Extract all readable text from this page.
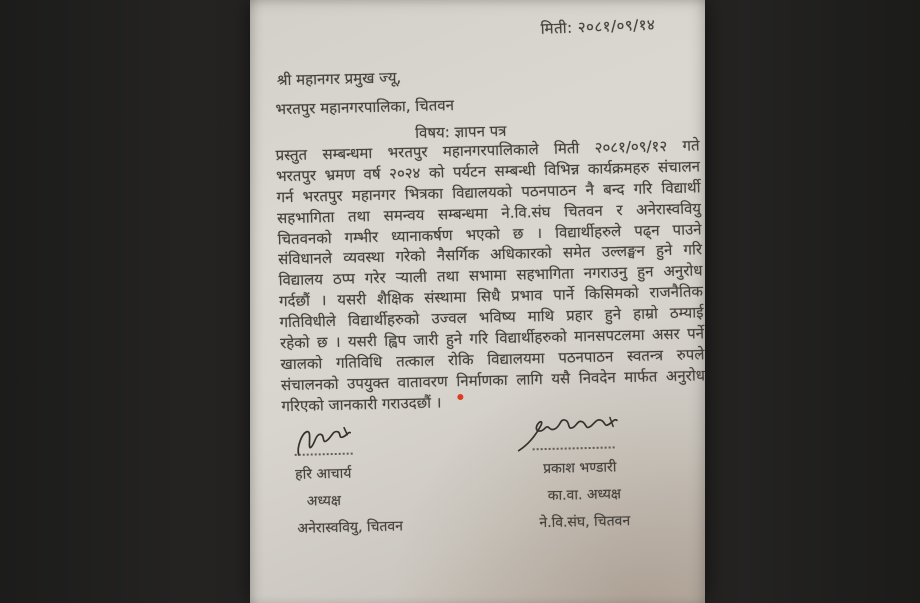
मिती: २०८१/०९/१४
श्री महानगर प्रमुख ज्यू,
भरतपुर महानगरपालिका, चितवन
विषय: ज्ञापन पत्र
प्रस्तुत सम्बन्धमा भरतपुर महानगरपालिकाले मिती २०८१/०९/१२ गते
भरतपुर भ्रमण वर्ष २०२४ को पर्यटन सम्बन्धी विभिन्न कार्यक्रमहरु संचालन
गर्न भरतपुर महानगर भित्रका विद्यालयको पठनपाठन नै बन्द गरि विद्यार्थी
सहभागिता तथा समन्वय सम्बन्धमा ने.वि.संघ चितवन र अनेरास्ववियु
चितवनको गम्भीर ध्यानाकर्षण भएको छ । विद्यार्थीहरुले पढ्न पाउने
संविधानले व्यवस्था गरेको नैसर्गिक अधिकारको समेत उल्लङ्घन हुने गरि
विद्यालय ठप्प गरेर ऱ्याली तथा सभामा सहभागिता नगराउनु हुन अनुरोध
गर्दछौं । यसरी शैक्षिक संस्थामा सिधै प्रभाव पार्ने किसिमको राजनैतिक
गतिविधीले विद्यार्थीहरुको उज्वल भविष्य माथि प्रहार हुने हाम्रो ठम्याई
रहेको छ । यसरी ह्विप जारी हुने गरि विद्यार्थीहरुको मानसपटलमा असर पर्ने
खालको गतिविधि तत्काल रोकि विद्यालयमा पठनपाठन स्वतन्त्र रुपले
संचालनको उपयुक्त वातावरण निर्माणका लागि यसै निवदेन मार्फत अनुरोध
गरिएको जानकारी गराउदछौं ।
हरि आचार्य
अध्यक्ष
अनेरास्ववियु, चितवन
प्रकाश भण्डारी
का.वा. अध्यक्ष
ने.वि.संघ, चितवन
